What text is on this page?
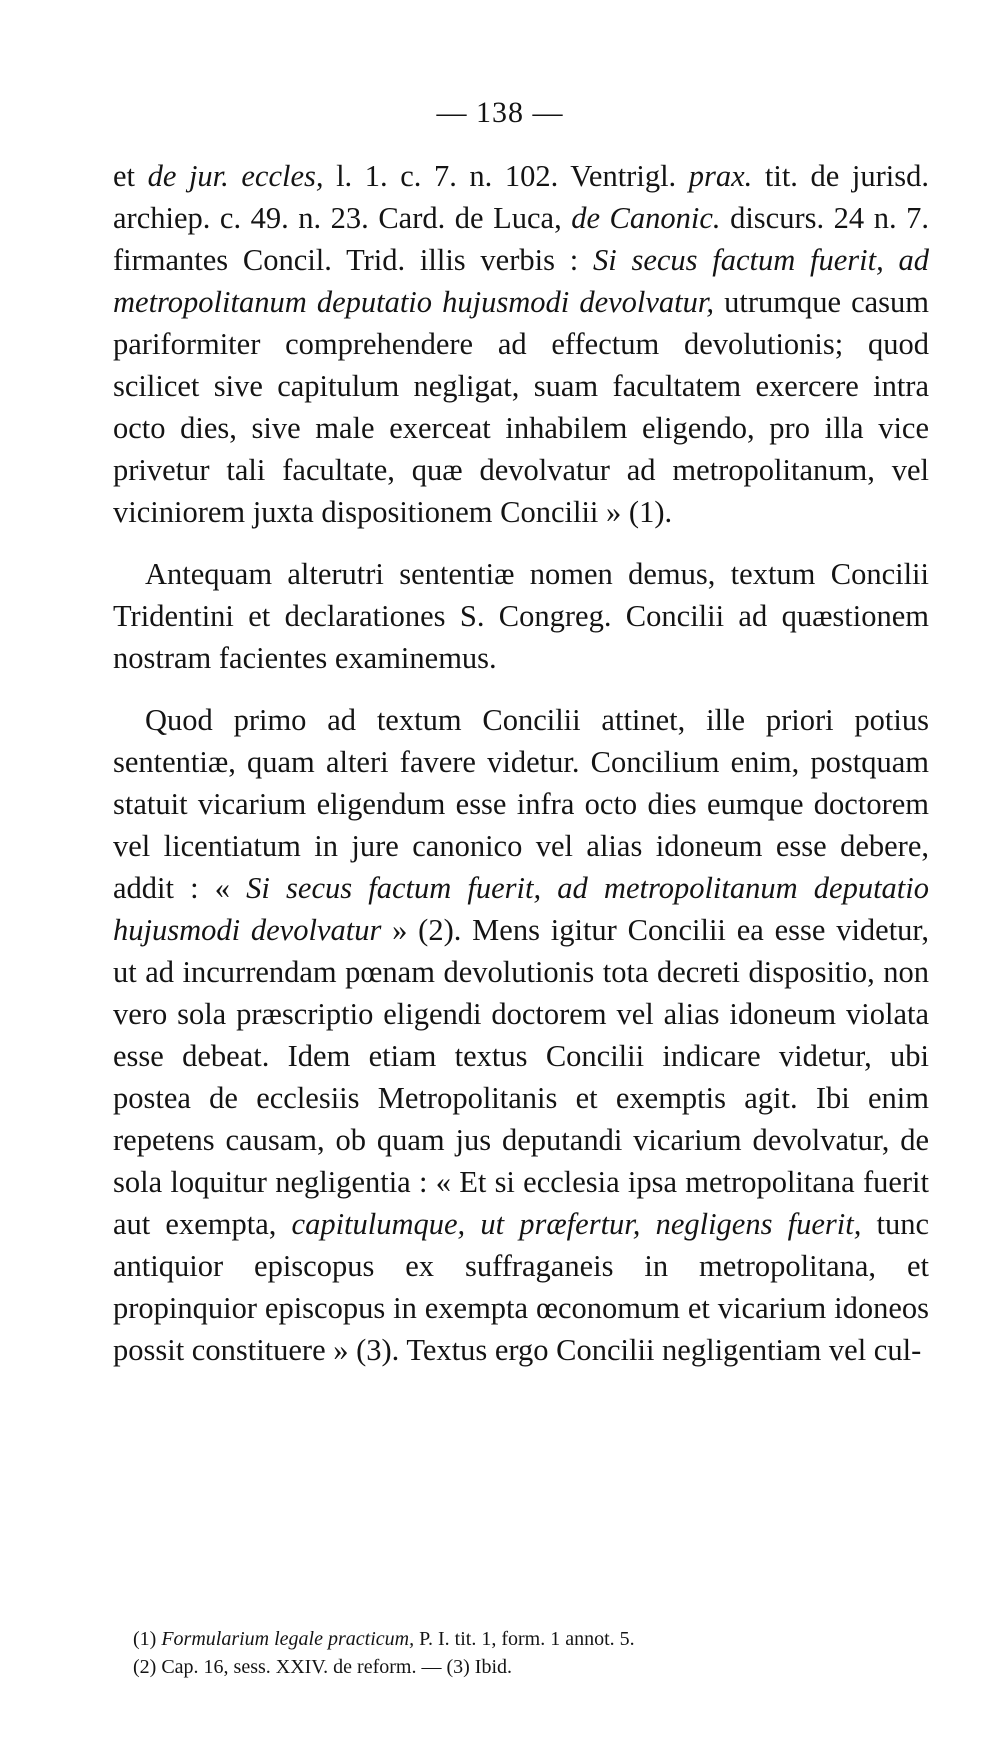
— 138 —

et de jur. eccles, l. 1. c. 7. n. 102. Ventrigl. prax. tit. de jurisd. archiep. c. 49. n. 23. Card. de Luca, de Canonic. discurs. 24 n. 7. firmantes Concil. Trid. illis verbis : Si secus factum fuerit, ad metropolitanum deputatio hujusmodi devolvatur, utrumque casum pariformiter comprehendere ad effectum devolutionis; quod scilicet sive capitulum negligat, suam facultatem exercere intra octo dies, sive male exerceat inhabilem eligendo, pro illa vice privetur tali facultate, quæ devolvatur ad metropolitanum, vel viciniorem juxta dispositionem Concilii » (1).

Antequam alterutri sententiæ nomen demus, textum Concilii Tridentini et declarationes S. Congreg. Concilii ad quæstionem nostram facientes examinemus.

Quod primo ad textum Concilii attinet, ille priori potius sententiæ, quam alteri favere videtur. Concilium enim, postquam statuit vicarium eligendum esse infra octo dies eumque doctorem vel licentiatum in jure canonico vel alias idoneum esse debere, addit : « Si secus factum fuerit, ad metropolitanum deputatio hujusmodi devolvatur » (2). Mens igitur Concilii ea esse videtur, ut ad incurrendam pœnam devolutionis tota decreti dispositio, non vero sola præscriptio eligendi doctorem vel alias idoneum violata esse debeat. Idem etiam textus Concilii indicare videtur, ubi postea de ecclesiis Metropolitanis et exemptis agit. Ibi enim repetens causam, ob quam jus deputandi vicarium devolvatur, de sola loquitur negligentia : « Et si ecclesia ipsa metropolitana fuerit aut exempta, capitulumque, ut præfertur, negligens fuerit, tunc antiquior episcopus ex suffraganeis in metropolitana, et propinquior episcopus in exempta œconomum et vicarium idoneos possit constituere » (3). Textus ergo Concilii negligentiam vel cul-

(1) Formularium legale practicum, P. I. tit. 1, form. 1 annot. 5.
(2) Cap. 16, sess. XXIV. de reform. — (3) Ibid.
